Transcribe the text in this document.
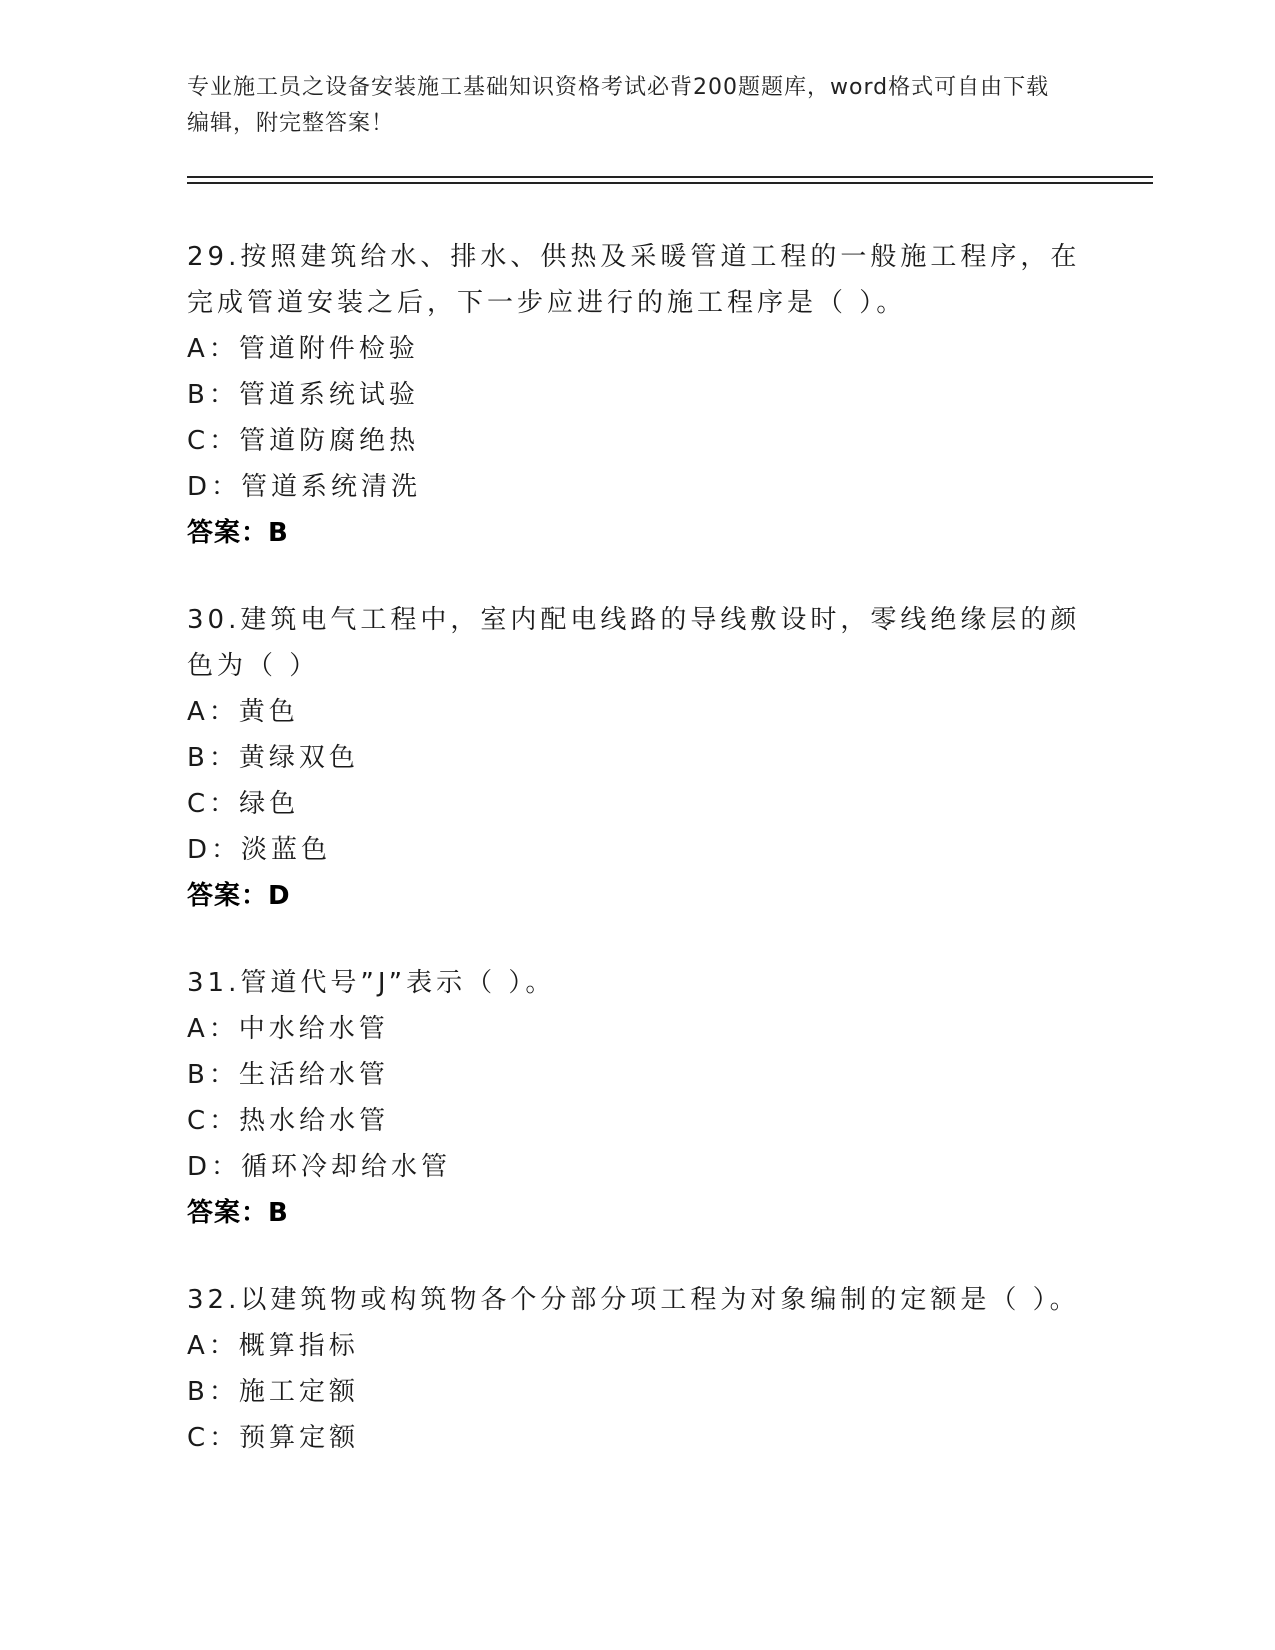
专业施工员之设备安装施工基础知识资格考试必背200题题库，word格式可自由下载编辑，附完整答案！

29.按照建筑给水、排水、供热及采暖管道工程的一般施工程序，在完成管道安装之后，下一步应进行的施工程序是（ ）。

A：管道附件检验

B：管道系统试验

C：管道防腐绝热

D：管道系统清洗

答案：B

30.建筑电气工程中，室内配电线路的导线敷设时，零线绝缘层的颜色为（ ）

A：黄色

B：黄绿双色

C：绿色

D：淡蓝色

答案：D

31.管道代号”J”表示（ ）。

A：中水给水管

B：生活给水管

C：热水给水管

D：循环冷却给水管

答案：B

32.以建筑物或构筑物各个分部分项工程为对象编制的定额是（ ）。

A：概算指标

B：施工定额

C：预算定额
